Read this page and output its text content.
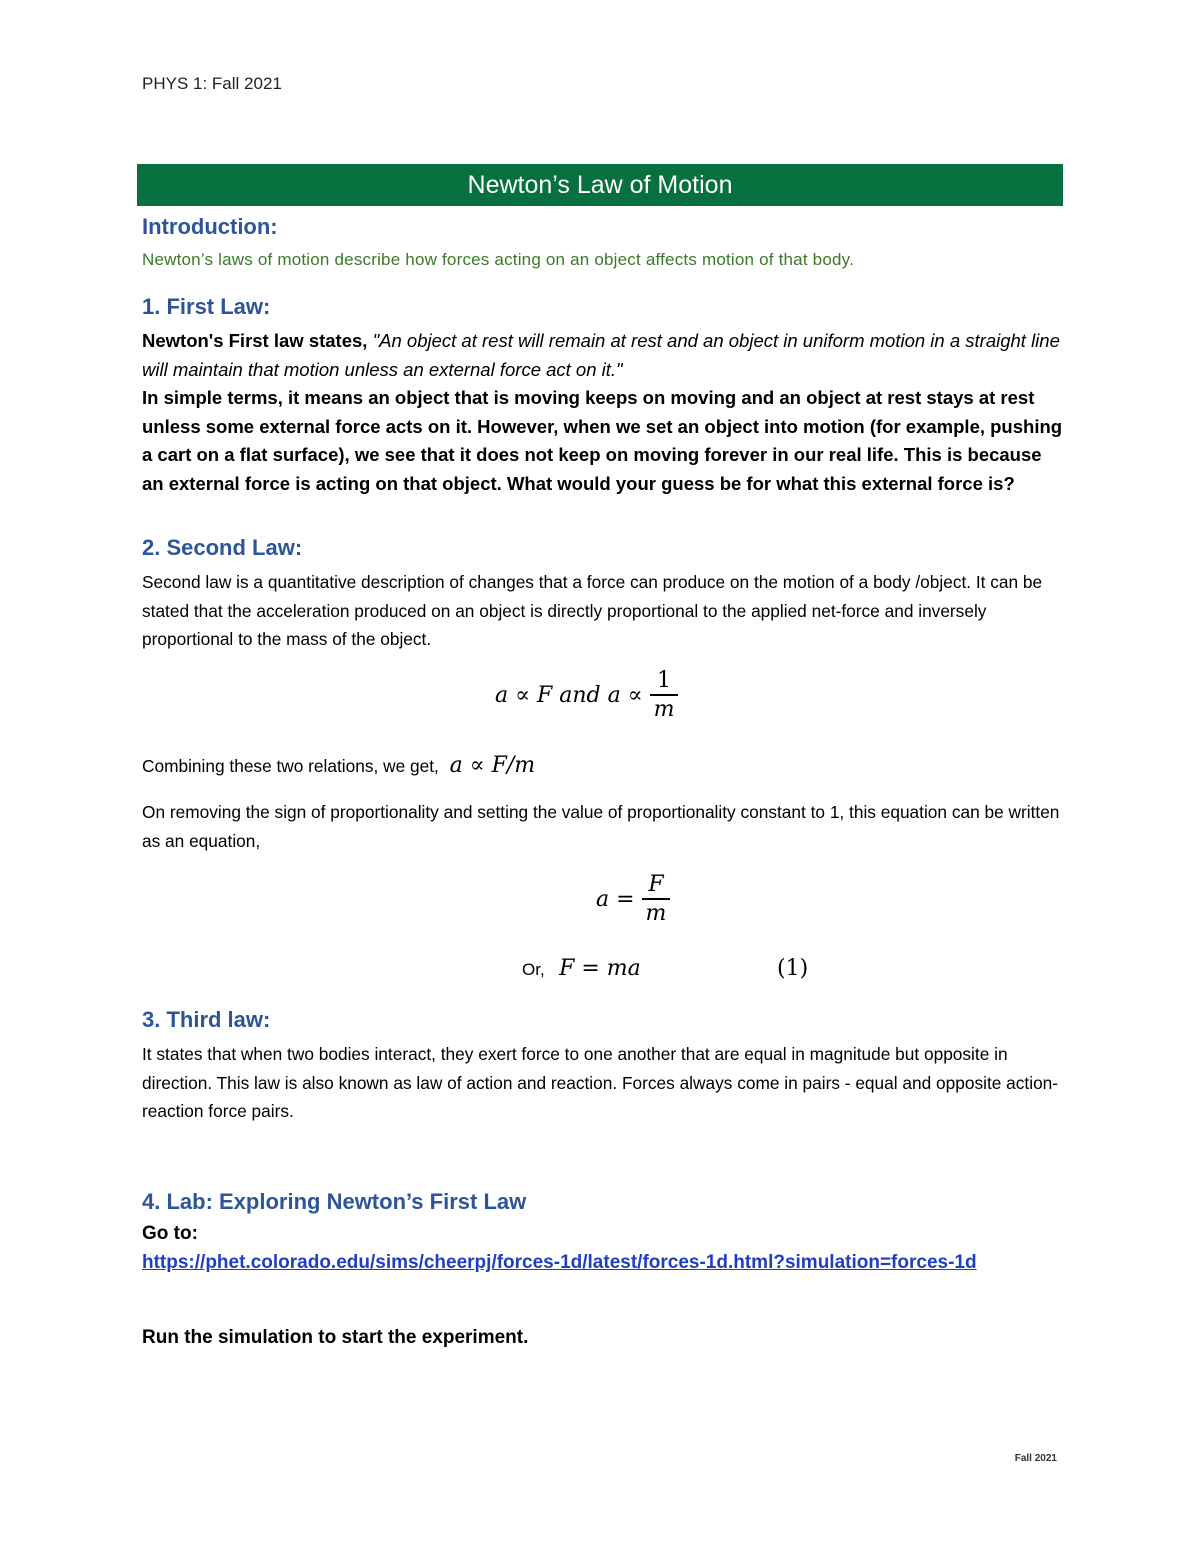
PHYS 1: Fall 2021
Newton’s Law of Motion
Introduction:
Newton’s laws of motion describe how forces acting on an object affects motion of that body.
1. First Law:
Newton's First law states, "An object at rest will remain at rest and an object in uniform motion in a straight line will maintain that motion unless an external force act on it."
In simple terms, it means an object that is moving keeps on moving and an object at rest stays at rest unless some external force acts on it. However, when we set an object into motion (for example, pushing a cart on a flat surface), we see that it does not keep on moving forever in our real life. This is because an external force is acting on that object. What would your guess be for what this external force is?
2. Second Law:
Second law is a quantitative description of changes that a force can produce on the motion of a body /object. It can be stated that the acceleration produced on an object is directly proportional to the applied net-force and inversely proportional to the mass of the object.
a ∝ F and $a \propto \frac{1}{m}$
Combining these two relations, we get, a ∝ F/m
On removing the sign of proportionality and setting the value of proportionality constant to 1, this equation can be written as an equation,
$a = \frac{F}{m}$
Or, F = ma	(1)
3. Third law:
It states that when two bodies interact, they exert force to one another that are equal in magnitude but opposite in direction. This law is also known as law of action and reaction. Forces always come in pairs - equal and opposite action-reaction force pairs.
4. Lab: Exploring Newton’s First Law
Go to:
https://phet.colorado.edu/sims/cheerpj/forces-1d/latest/forces-1d.html?simulation=forces-1d
Run the simulation to start the experiment.
Fall 2021
